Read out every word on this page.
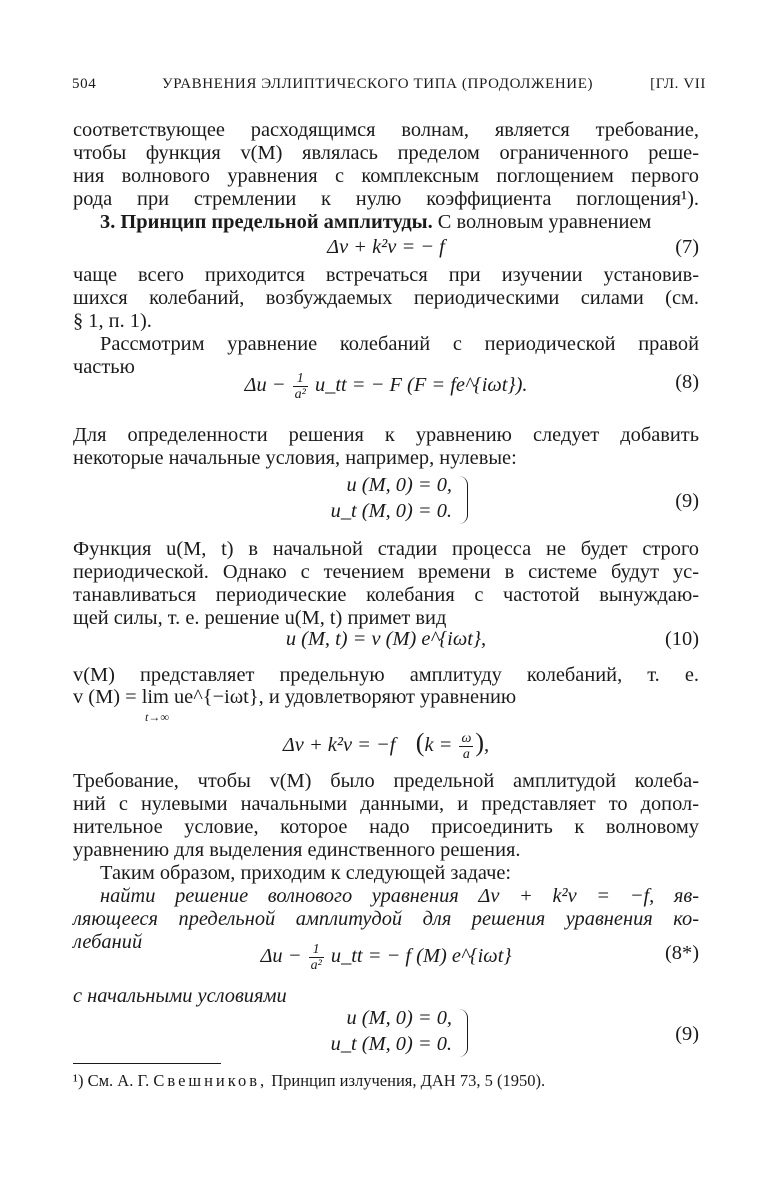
504	УРАВНЕНИЯ ЭЛЛИПТИЧЕСКОГО ТИПА (ПРОДОЛЖЕНИЕ)	[ГЛ. VII
соответствующее расходящимся волнам, является требование,
чтобы функция v(M) являлась пределом ограниченного реше-
ния волнового уравнения с комплексным поглощением первого
рода при стремлении к нулю коэффициента поглощения¹).
3. Принцип предельной амплитуды. С волновым уравнением
Δv + k²v = − f	(7)
чаще всего приходится встречаться при изучении установив-
шихся колебаний, возбуждаемых периодическими силами (см.
§ 1, п. 1).
Рассмотрим уравнение колебаний с периодической правой
частью
$\Delta u - \frac{1}{\text{a²}}$ u_tt = − F (F = fe^{iωt}).	(8)
Для определенности решения к уравнению следует добавить
некоторые начальные условия, например, нулевые:
u (M, 0) = 0,
u_t (M, 0) = 0.	(9)
Функция u(M, t) в начальной стадии процесса не будет строго
периодической. Однако с течением времени в системе будут ус-
танавливаться периодические колебания с частотой вынуждаю-
щей силы, т. е. решение u(M, t) примет вид
u (M, t) = v (M) e^{iωt},	(10)
v(M) представляет предельную амплитуду колебаний, т. е.
v (M) = lim ue^{−iωt}, и удовлетворяют уравнению
t→∞
Δv + k²v = −f ($k = \frac{\omega}{a}$ ),
Требование, чтобы v(M) было предельной амплитудой колеба-
ний с нулевыми начальными данными, и представляет то допол-
нительное условие, которое надо присоединить к волновому
уравнению для выделения единственного решения.
Таким образом, приходим к следующей задаче:
найти решение волнового уравнения Δv + k²v = −f, яв-
ляющееся предельной амплитудой для решения уравнения ко-
лебаний
$\Delta u - \frac{1}{\text{a²}}$ u_tt = − f (M) e^{iωt}	(8*)
с начальными условиями
u (M, 0) = 0,
u_t (M, 0) = 0.	(9)
¹) См. А. Г. Свешников, Принцип излучения, ДАН 73, 5 (1950).
